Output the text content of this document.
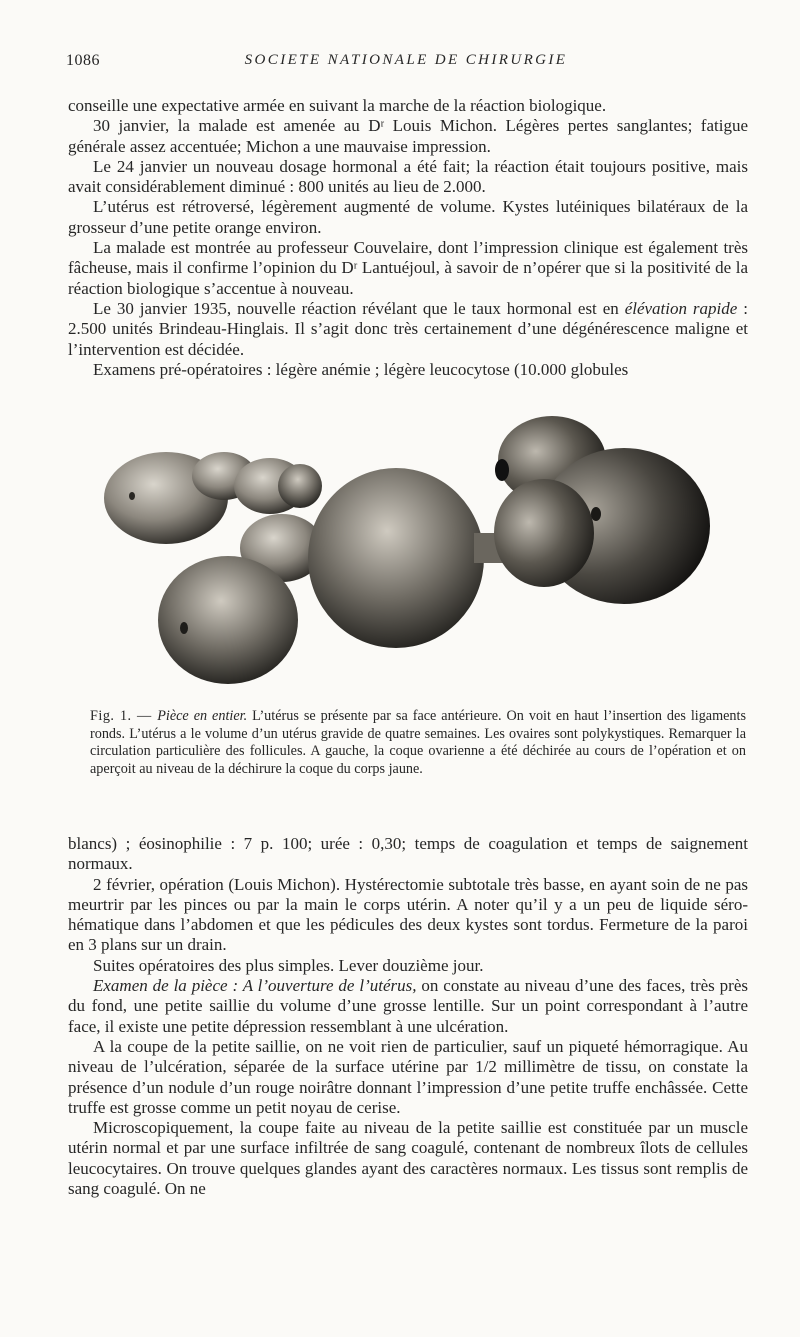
1086	SOCIETE NATIONALE DE CHIRURGIE

conseille une expectative armée en suivant la marche de la réaction biologique.

30 janvier, la malade est amenée au Dʳ Louis Michon. Légères pertes sanglantes; fatigue générale assez accentuée; Michon a une mauvaise impression.

Le 24 janvier un nouveau dosage hormonal a été fait; la réaction était toujours positive, mais avait considérablement diminué : 800 unités au lieu de 2.000.

L’utérus est rétroversé, légèrement augmenté de volume. Kystes lutéiniques bilatéraux de la grosseur d’une petite orange environ.

La malade est montrée au professeur Couvelaire, dont l’impression clinique est également très fâcheuse, mais il confirme l’opinion du Dʳ Lantuéjoul, à savoir de n’opérer que si la positivité de la réaction biologique s’accentue à nouveau.

Le 30 janvier 1935, nouvelle réaction révélant que le taux hormonal est en élévation rapide : 2.500 unités Brindeau-Hinglais. Il s’agit donc très certainement d’une dégénérescence maligne et l’intervention est décidée.

Examens pré-opératoires : légère anémie ; légère leucocytose (10.000 globules

Fig. 1. — Pièce en entier. L’utérus se présente par sa face antérieure. On voit en haut l’insertion des ligaments ronds. L’utérus a le volume d’un utérus gravide de quatre semaines. Les ovaires sont polykystiques. Remarquer la circulation particulière des follicules. A gauche, la coque ovarienne a été déchirée au cours de l’opération et on aperçoit au niveau de la déchirure la coque du corps jaune.

blancs) ; éosinophilie : 7 p. 100; urée : 0,30; temps de coagulation et temps de saignement normaux.

2 février, opération (Louis Michon). Hystérectomie subtotale très basse, en ayant soin de ne pas meurtrir par les pinces ou par la main le corps utérin. A noter qu’il y a un peu de liquide séro-hématique dans l’abdomen et que les pédicules des deux kystes sont tordus. Fermeture de la paroi en 3 plans sur un drain.

Suites opératoires des plus simples. Lever douzième jour.

Examen de la pièce : A l’ouverture de l’utérus, on constate au niveau d’une des faces, très près du fond, une petite saillie du volume d’une grosse lentille. Sur un point correspondant à l’autre face, il existe une petite dépression ressemblant à une ulcération.

A la coupe de la petite saillie, on ne voit rien de particulier, sauf un piqueté hémorragique. Au niveau de l’ulcération, séparée de la surface utérine par 1/2 millimètre de tissu, on constate la présence d’un nodule d’un rouge noirâtre donnant l’impression d’une petite truffe enchâssée. Cette truffe est grosse comme un petit noyau de cerise.

Microscopiquement, la coupe faite au niveau de la petite saillie est constituée par un muscle utérin normal et par une surface infiltrée de sang coagulé, contenant de nombreux îlots de cellules leucocytaires. On trouve quelques glandes ayant des caractères normaux. Les tissus sont remplis de sang coagulé. On ne
